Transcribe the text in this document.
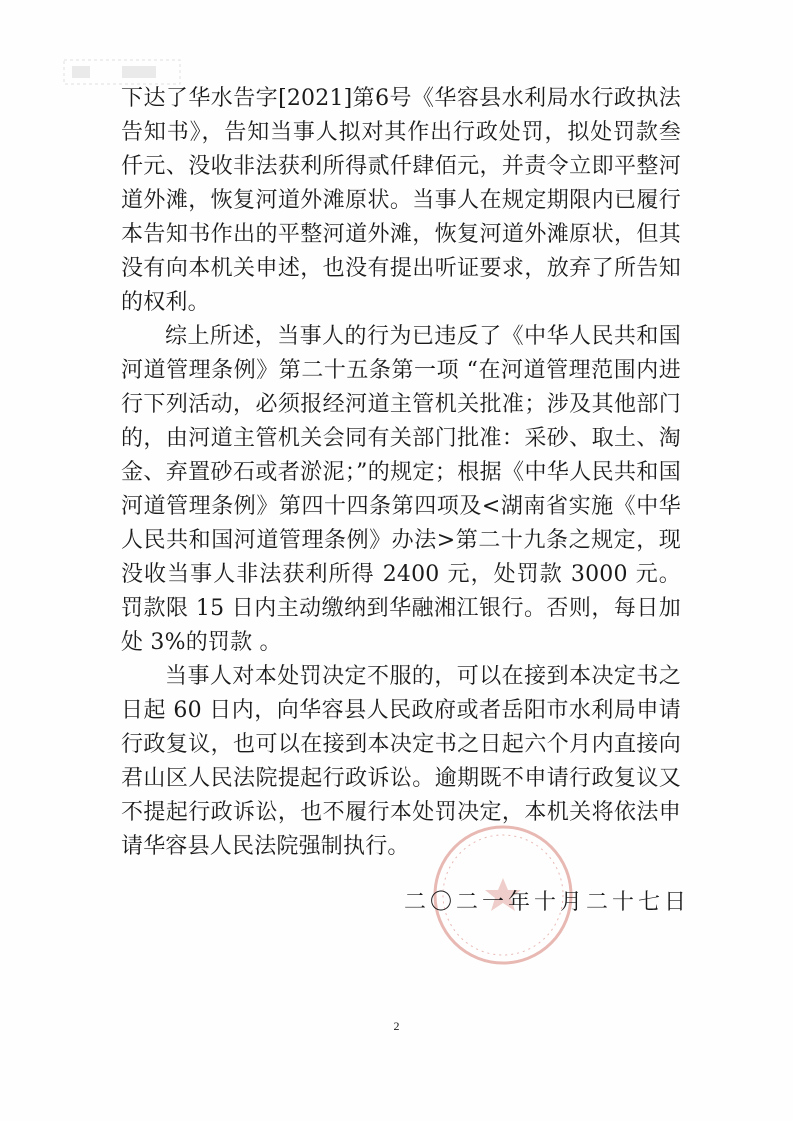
下达了华水告字[2021]第6号《华容县水利局水行政执法告知书》，告知当事人拟对其作出行政处罚，拟处罚款叁仟元、没收非法获利所得贰仟肆佰元，并责令立即平整河道外滩，恢复河道外滩原状。当事人在规定期限内已履行本告知书作出的平整河道外滩，恢复河道外滩原状，但其没有向本机关申述，也没有提出听证要求，放弃了所告知的权利。

综上所述，当事人的行为已违反了《中华人民共和国河道管理条例》第二十五条第一项 “在河道管理范围内进行下列活动，必须报经河道主管机关批准；涉及其他部门的，由河道主管机关会同有关部门批准：采砂、取土、淘金、弃置砂石或者淤泥；”的规定；根据《中华人民共和国河道管理条例》第四十四条第四项及<湖南省实施《中华人民共和国河道管理条例》办法>第二十九条之规定，现没收当事人非法获利所得 2400 元，处罚款 3000 元。罚款限 15 日内主动缴纳到华融湘江银行。否则，每日加处 3%的罚款 。

当事人对本处罚决定不服的，可以在接到本决定书之日起 60 日内，向华容县人民政府或者岳阳市水利局申请行政复议，也可以在接到本决定书之日起六个月内直接向君山区人民法院提起行政诉讼。逾期既不申请行政复议又不提起行政诉讼，也不履行本处罚决定，本机关将依法申请华容县人民法院强制执行。

二〇二一年十月二十七日
2
